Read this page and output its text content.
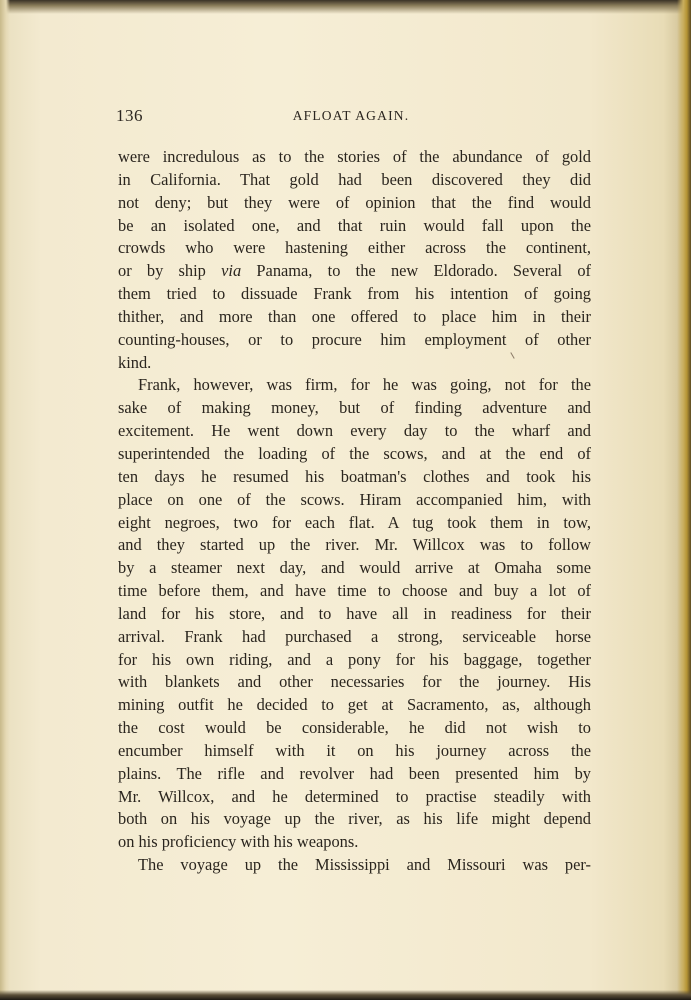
136	AFLOAT AGAIN.
were incredulous as to the stories of the abundance of gold
in California. That gold had been discovered they did
not deny; but they were of opinion that the find would
be an isolated one, and that ruin would fall upon the
crowds who were hastening either across the continent,
or by ship via Panama, to the new Eldorado. Several of
them tried to dissuade Frank from his intention of going
thither, and more than one offered to place him in their
counting-houses, or to procure him employment of other
kind.
Frank, however, was firm, for he was going, not for the
sake of making money, but of finding adventure and
excitement. He went down every day to the wharf and
superintended the loading of the scows, and at the end of
ten days he resumed his boatman's clothes and took his
place on one of the scows. Hiram accompanied him, with
eight negroes, two for each flat. A tug took them in tow,
and they started up the river. Mr. Willcox was to follow
by a steamer next day, and would arrive at Omaha some
time before them, and have time to choose and buy a lot of
land for his store, and to have all in readiness for their
arrival. Frank had purchased a strong, serviceable horse
for his own riding, and a pony for his baggage, together
with blankets and other necessaries for the journey. His
mining outfit he decided to get at Sacramento, as, although
the cost would be considerable, he did not wish to
encumber himself with it on his journey across the
plains. The rifle and revolver had been presented him by
Mr. Willcox, and he determined to practise steadily with
both on his voyage up the river, as his life might depend
on his proficiency with his weapons.
The voyage up the Mississippi and Missouri was per-
